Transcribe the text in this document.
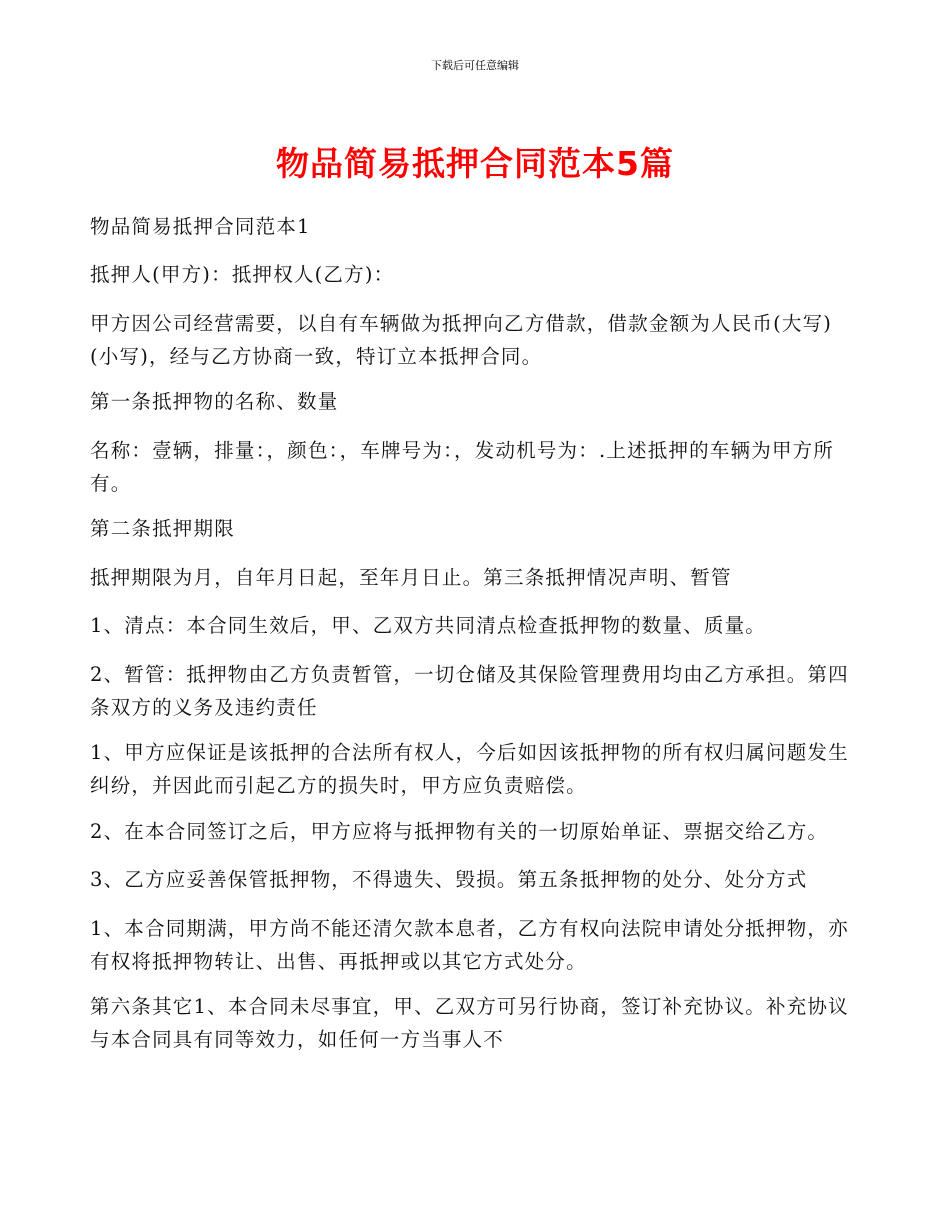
下载后可任意编辑
物品简易抵押合同范本5篇

物品简易抵押合同范本1

抵押人(甲方)：抵押权人(乙方)：

甲方因公司经营需要，以自有车辆做为抵押向乙方借款，借款金额为人民币(大写)(小写)，经与乙方协商一致，特订立本抵押合同。

第一条抵押物的名称、数量

名称：壹辆，排量：，颜色：，车牌号为：，发动机号为：.上述抵押的车辆为甲方所有。

第二条抵押期限

抵押期限为月，自年月日起，至年月日止。第三条抵押情况声明、暂管

1、清点：本合同生效后，甲、乙双方共同清点检查抵押物的数量、质量。

2、暂管：抵押物由乙方负责暂管，一切仓储及其保险管理费用均由乙方承担。第四条双方的义务及违约责任

1、甲方应保证是该抵押的合法所有权人，今后如因该抵押物的所有权归属问题发生纠纷，并因此而引起乙方的损失时，甲方应负责赔偿。

2、在本合同签订之后，甲方应将与抵押物有关的一切原始单证、票据交给乙方。

3、乙方应妥善保管抵押物，不得遗失、毁损。第五条抵押物的处分、处分方式

1、本合同期满，甲方尚不能还清欠款本息者，乙方有权向法院申请处分抵押物，亦有权将抵押物转让、出售、再抵押或以其它方式处分。

第六条其它1、本合同未尽事宜，甲、乙双方可另行协商，签订补充协议。补充协议与本合同具有同等效力，如任何一方当事人不
